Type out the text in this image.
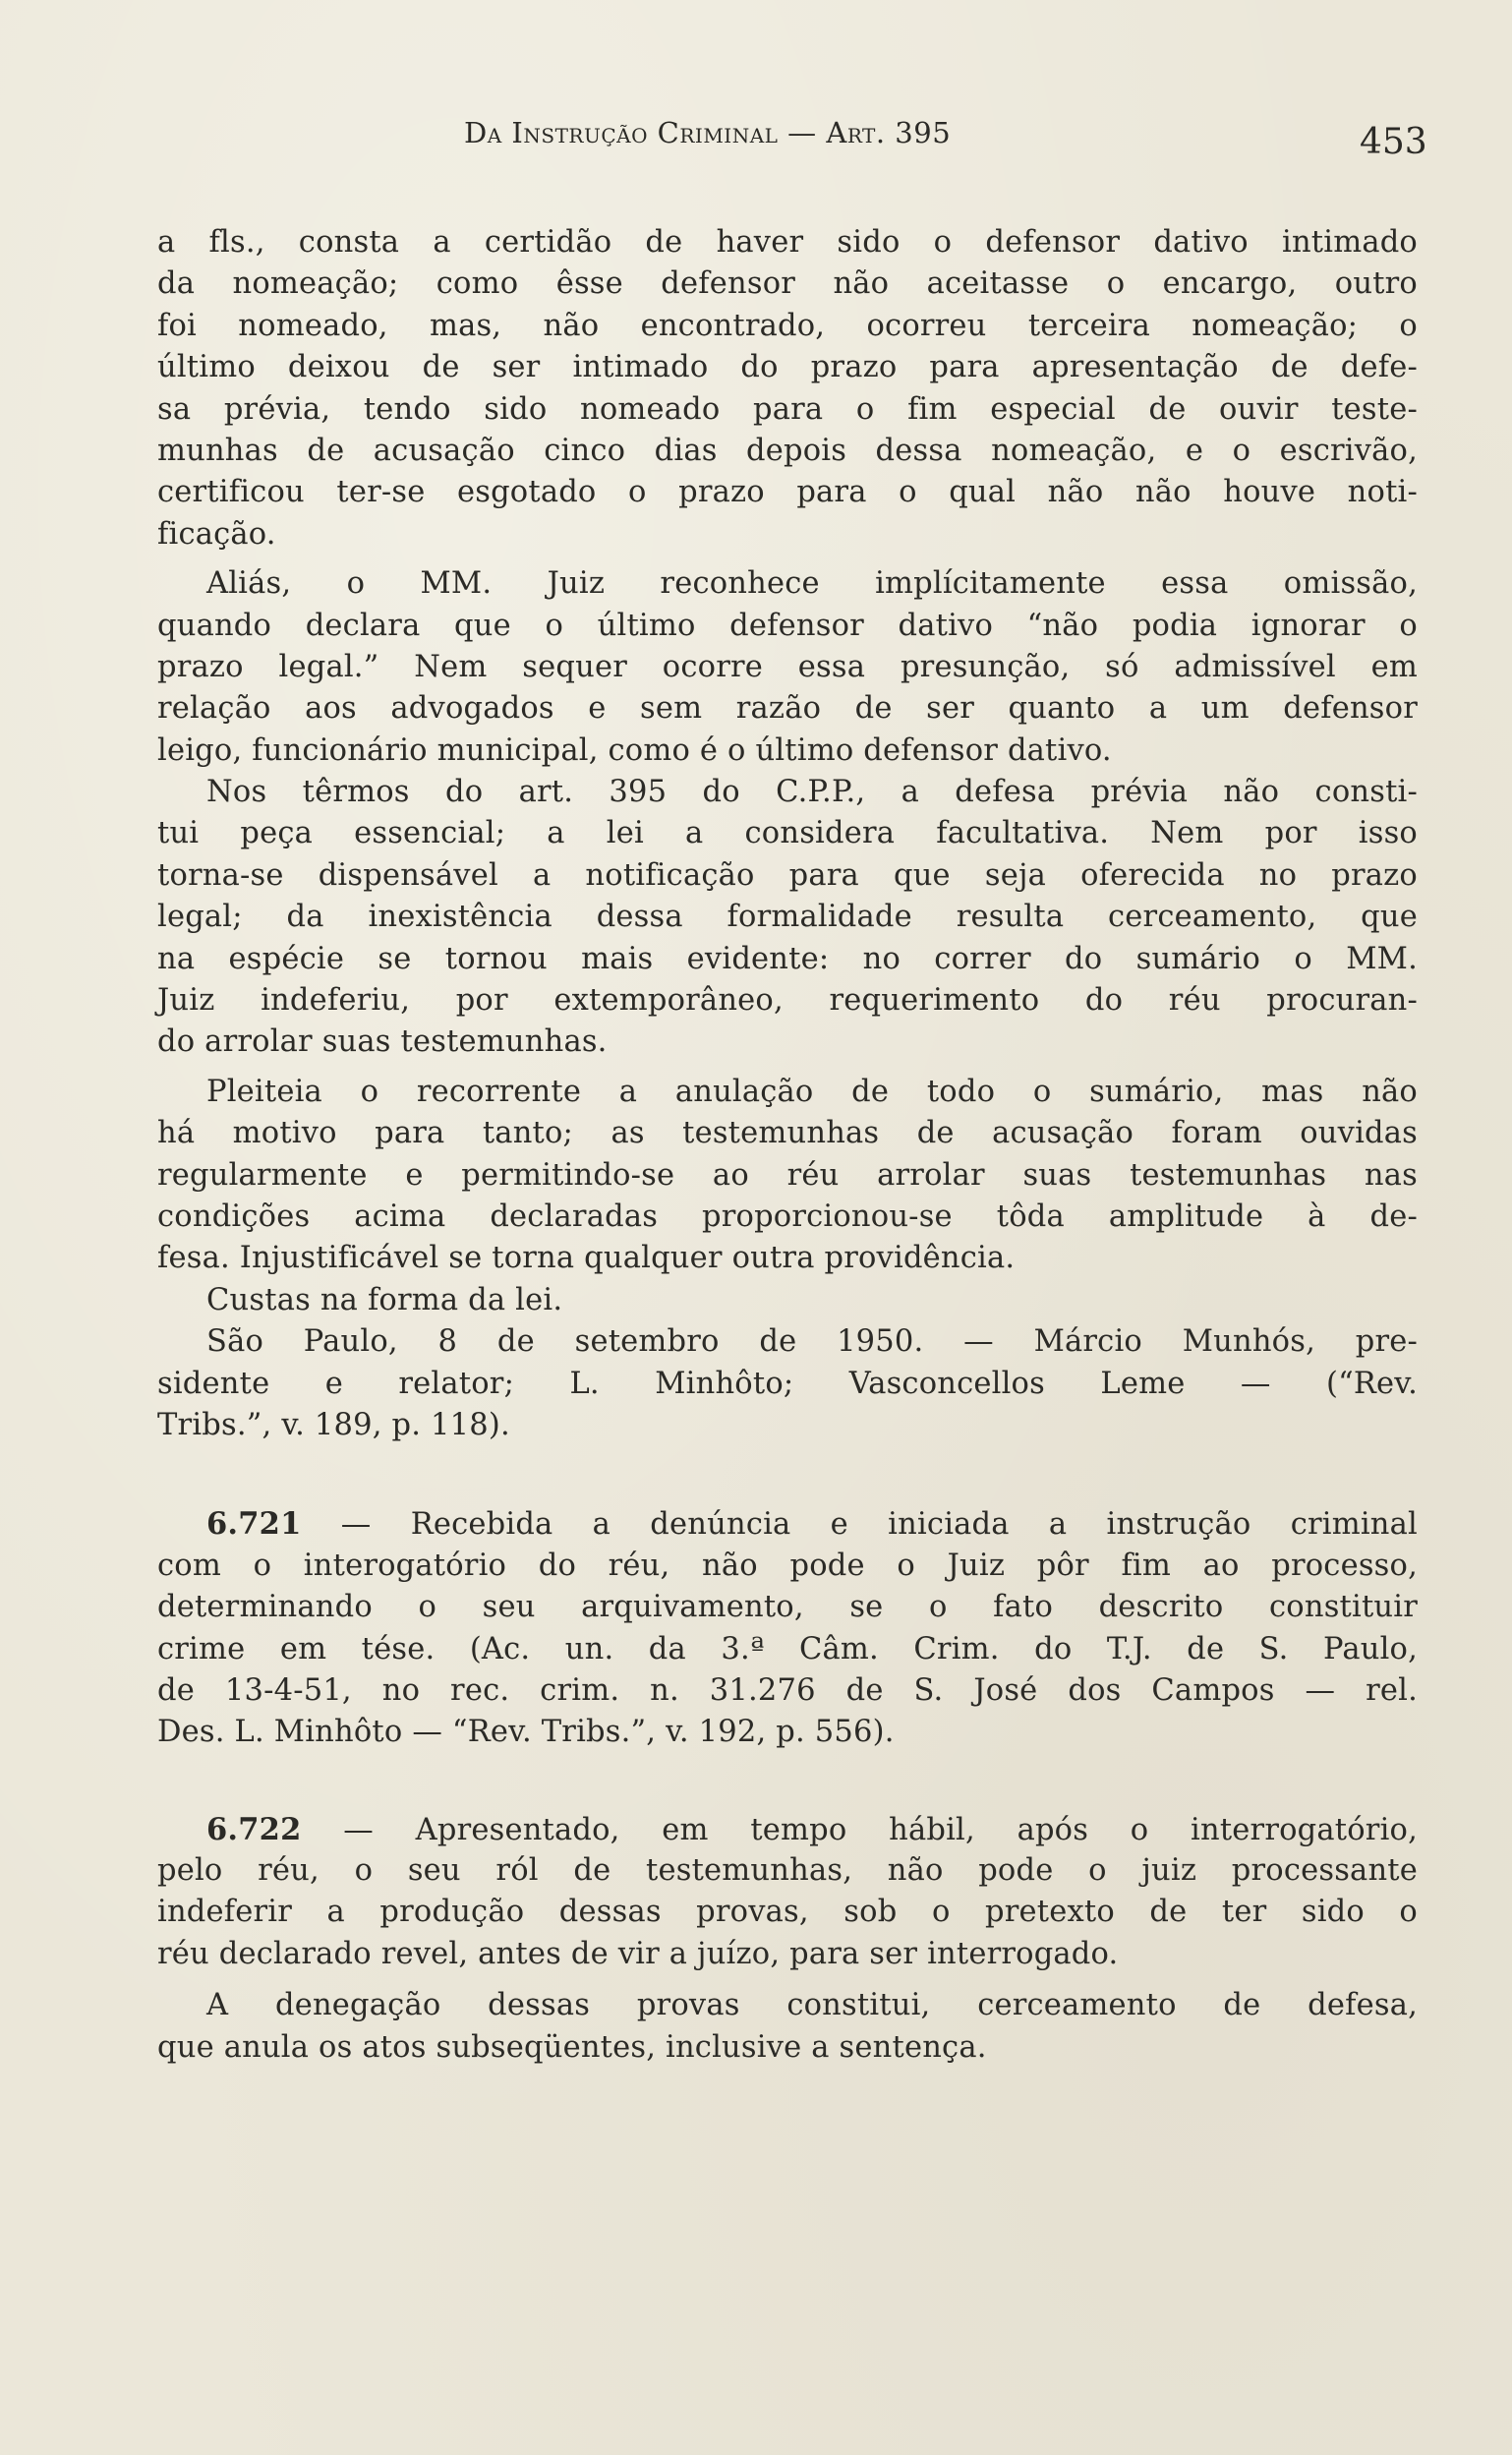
Da Instrução Criminal — Art. 395	453
a fls., consta a certidão de haver sido o defensor dativo intimado
da nomeação; como êsse defensor não aceitasse o encargo, outro
foi nomeado, mas, não encontrado, ocorreu terceira nomeação; o
último deixou de ser intimado do prazo para apresentação de defe-
sa prévia, tendo sido nomeado para o fim especial de ouvir teste-
munhas de acusação cinco dias depois dessa nomeação, e o escrivão,
certificou ter-se esgotado o prazo para o qual não não houve noti-
ficação.
Aliás, o MM. Juiz reconhece implícitamente essa omissão,
quando declara que o último defensor dativo “não podia ignorar o
prazo legal.” Nem sequer ocorre essa presunção, só admissível em
relação aos advogados e sem razão de ser quanto a um defensor
leigo, funcionário municipal, como é o último defensor dativo.
Nos têrmos do art. 395 do C.P.P., a defesa prévia não consti-
tui peça essencial; a lei a considera facultativa. Nem por isso
torna-se dispensável a notificação para que seja oferecida no prazo
legal; da inexistência dessa formalidade resulta cerceamento, que
na espécie se tornou mais evidente: no correr do sumário o MM.
Juiz indeferiu, por extemporâneo, requerimento do réu procuran-
do arrolar suas testemunhas.
Pleiteia o recorrente a anulação de todo o sumário, mas não
há motivo para tanto; as testemunhas de acusação foram ouvidas
regularmente e permitindo-se ao réu arrolar suas testemunhas nas
condições acima declaradas proporcionou-se tôda amplitude à de-
fesa. Injustificável se torna qualquer outra providência.
Custas na forma da lei.
São Paulo, 8 de setembro de 1950. — Márcio Munhós, pre-
sidente e relator; L. Minhôto; Vasconcellos Leme — (“Rev.
Tribs.”, v. 189, p. 118).
6.721 — Recebida a denúncia e iniciada a instrução criminal
com o interogatório do réu, não pode o Juiz pôr fim ao processo,
determinando o seu arquivamento, se o fato descrito constituir
crime em tése. (Ac. un. da 3.ª Câm. Crim. do T.J. de S. Paulo,
de 13-4-51, no rec. crim. n. 31.276 de S. José dos Campos — rel.
Des. L. Minhôto — “Rev. Tribs.”, v. 192, p. 556).
6.722 — Apresentado, em tempo hábil, após o interrogatório,
pelo réu, o seu ról de testemunhas, não pode o juiz processante
indeferir a produção dessas provas, sob o pretexto de ter sido o
réu declarado revel, antes de vir a juízo, para ser interrogado.
A denegação dessas provas constitui, cerceamento de defesa,
que anula os atos subseqüentes, inclusive a sentença.
